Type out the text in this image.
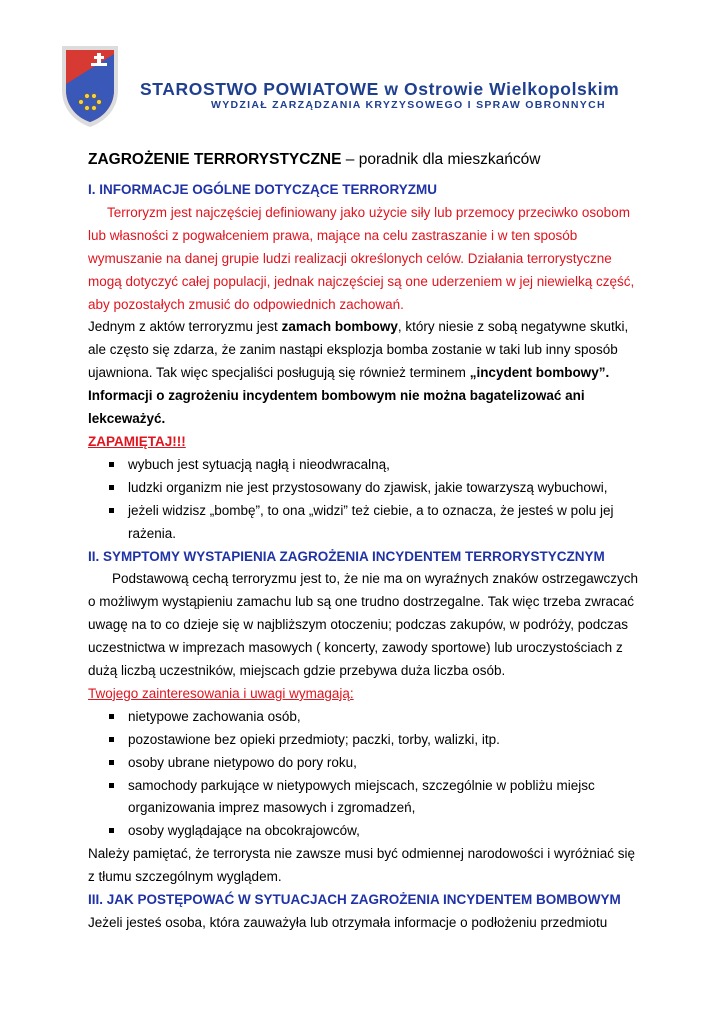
STAROSTWO POWIATOWE w Ostrowie Wielkopolskim
WYDZIAŁ ZARZĄDZANIA KRYZYSOWEGO I SPRAW OBRONNYCH
ZAGROŻENIE TERRORYSTYCZNE – poradnik dla mieszkańców
I. INFORMACJE OGÓLNE DOTYCZĄCE TERRORYZMU

Terroryzm jest najczęściej definiowany jako użycie siły lub przemocy przeciwko osobom
lub własności z pogwałceniem prawa, mające na celu zastraszanie i w ten sposób
wymuszanie na danej grupie ludzi realizacji określonych celów. Działania terrorystyczne
mogą dotyczyć całej populacji, jednak najczęściej są one uderzeniem w jej niewielką część,
aby pozostałych zmusić do odpowiednich zachowań.

Jednym z aktów terroryzmu jest zamach bombowy, który niesie z sobą negatywne skutki,
ale często się zdarza, że zanim nastąpi eksplozja bomba zostanie w taki lub inny sposób
ujawniona. Tak więc specjaliści posługują się również terminem „incydent bombowy”.
Informacji o zagrożeniu incydentem bombowym nie można bagatelizować ani
lekceważyć.

ZAPAMIĘTAJ!!!
wybuch jest sytuacją nagłą i nieodwracalną,
ludzki organizm nie jest przystosowany do zjawisk, jakie towarzyszą wybuchowi,
jeżeli widzisz „bombę”, to ona „widzi” też ciebie, a to oznacza, że jesteś w polu jej rażenia.
II. SYMPTOMY WYSTAPIENIA ZAGROŻENIA INCYDENTEM TERRORYSTYCZNYM

Podstawową cechą terroryzmu jest to, że nie ma on wyraźnych znaków ostrzegawczych
o możliwym wystąpieniu zamachu lub są one trudno dostrzegalne. Tak więc trzeba zwracać
uwagę na to co dzieje się w najbliższym otoczeniu; podczas zakupów, w podróży, podczas
uczestnictwa w imprezach masowych ( koncerty, zawody sportowe) lub uroczystościach z
dużą liczbą uczestników, miejscach gdzie przebywa duża liczba osób.

Twojego zainteresowania i uwagi wymagają:
nietypowe zachowania osób,
pozostawione bez opieki przedmioty; paczki, torby, walizki, itp.
osoby ubrane nietypowo do pory roku,
samochody parkujące w nietypowych miejscach, szczególnie w pobliżu miejsc organizowania imprez masowych i zgromadzeń,
osoby wyglądające na obcokrajowców,

Należy pamiętać, że terrorysta nie zawsze musi być odmiennej narodowości i wyróżniać się
z tłumu szczególnym wyglądem.

III. JAK POSTĘPOWAĆ W SYTUACJACH ZAGROŻENIA INCYDENTEM BOMBOWYM

Jeżeli jesteś osoba, która zauważyła lub otrzymała informacje o podłożeniu przedmiotu
